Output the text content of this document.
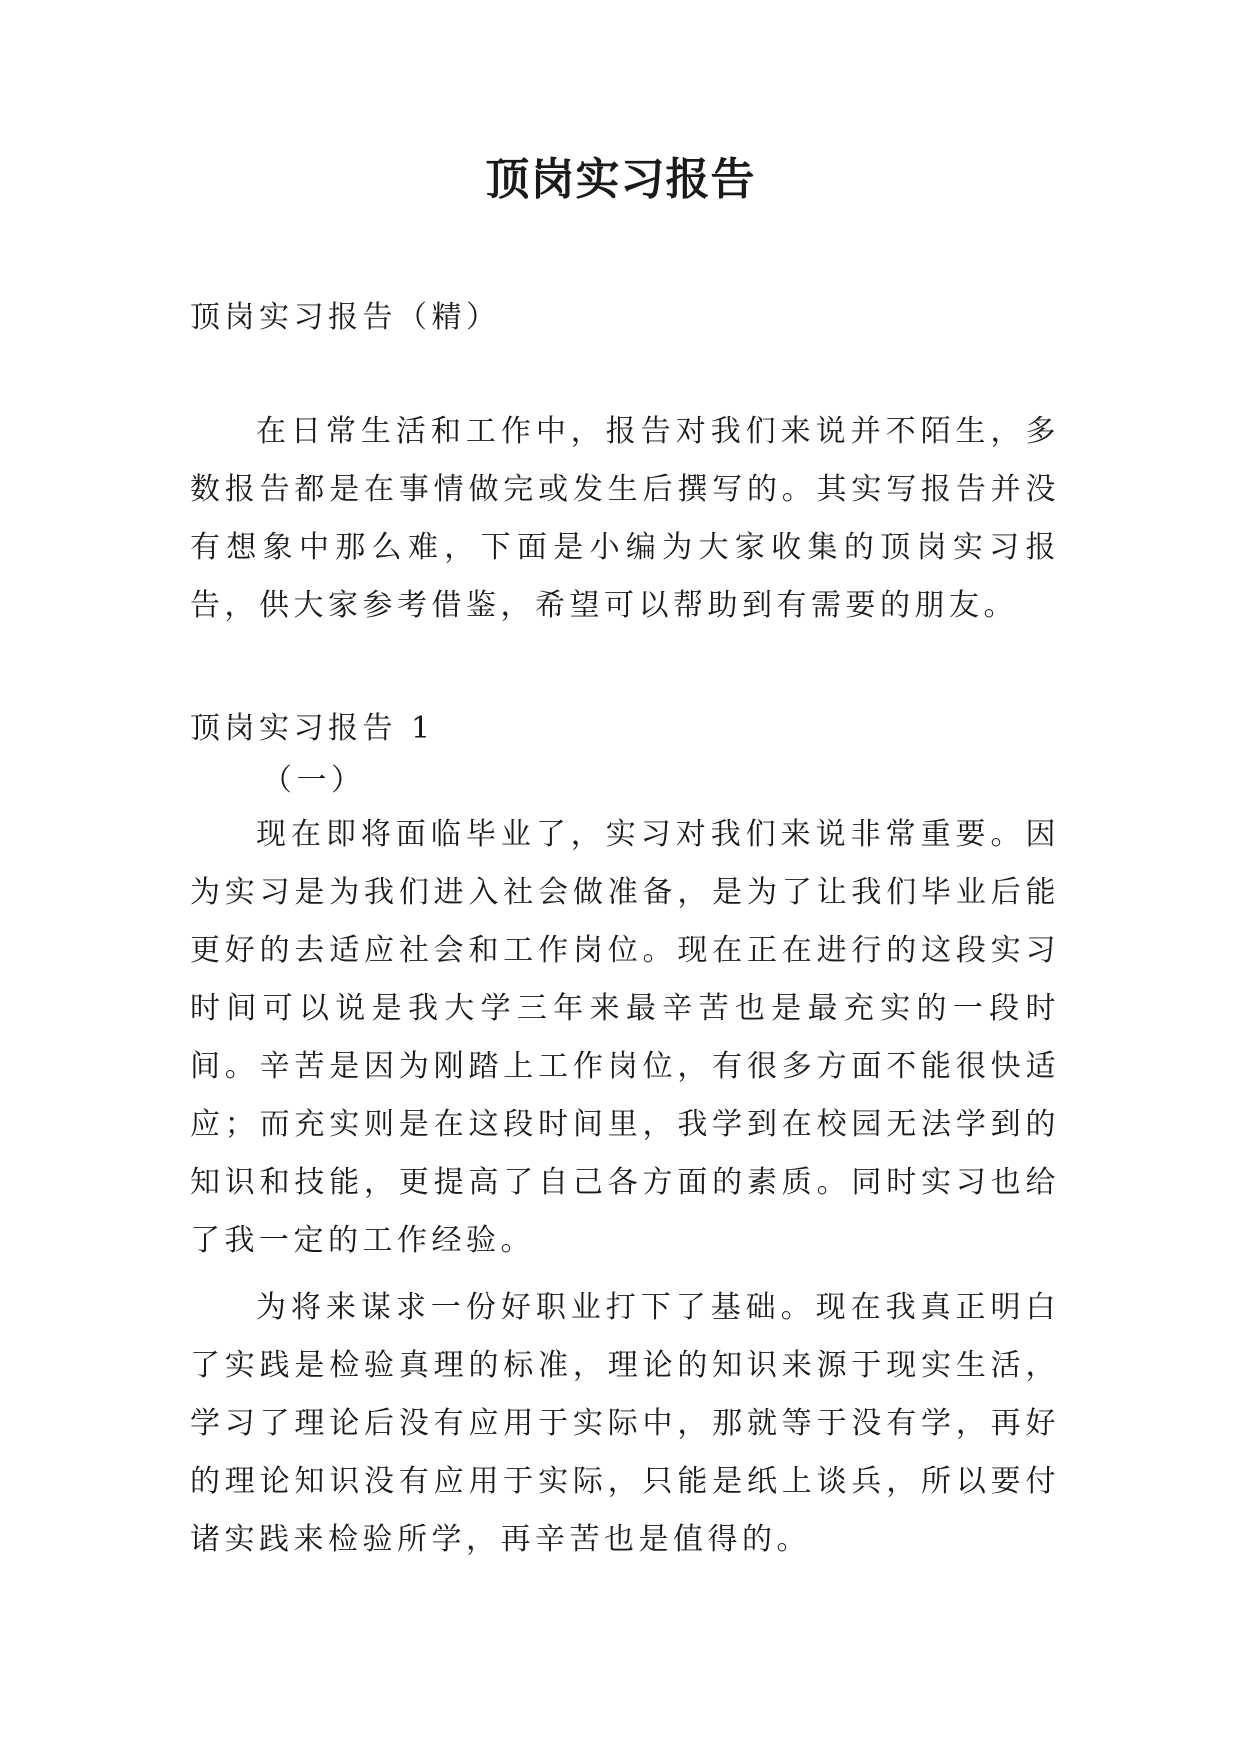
顶岗实习报告

顶岗实习报告（精）

在日常生活和工作中，报告对我们来说并不陌生，多数报告都是在事情做完或发生后撰写的。其实写报告并没有想象中那么难，下面是小编为大家收集的顶岗实习报告，供大家参考借鉴，希望可以帮助到有需要的朋友。

顶岗实习报告 1

（一）

现在即将面临毕业了，实习对我们来说非常重要。因为实习是为我们进入社会做准备，是为了让我们毕业后能更好的去适应社会和工作岗位。现在正在进行的这段实习时间可以说是我大学三年来最辛苦也是最充实的一段时间。辛苦是因为刚踏上工作岗位，有很多方面不能很快适应；而充实则是在这段时间里，我学到在校园无法学到的知识和技能，更提高了自己各方面的素质。同时实习也给了我一定的工作经验。

为将来谋求一份好职业打下了基础。现在我真正明白了实践是检验真理的标准，理论的知识来源于现实生活，学习了理论后没有应用于实际中，那就等于没有学，再好的理论知识没有应用于实际，只能是纸上谈兵，所以要付诸实践来检验所学，再辛苦也是值得的。
